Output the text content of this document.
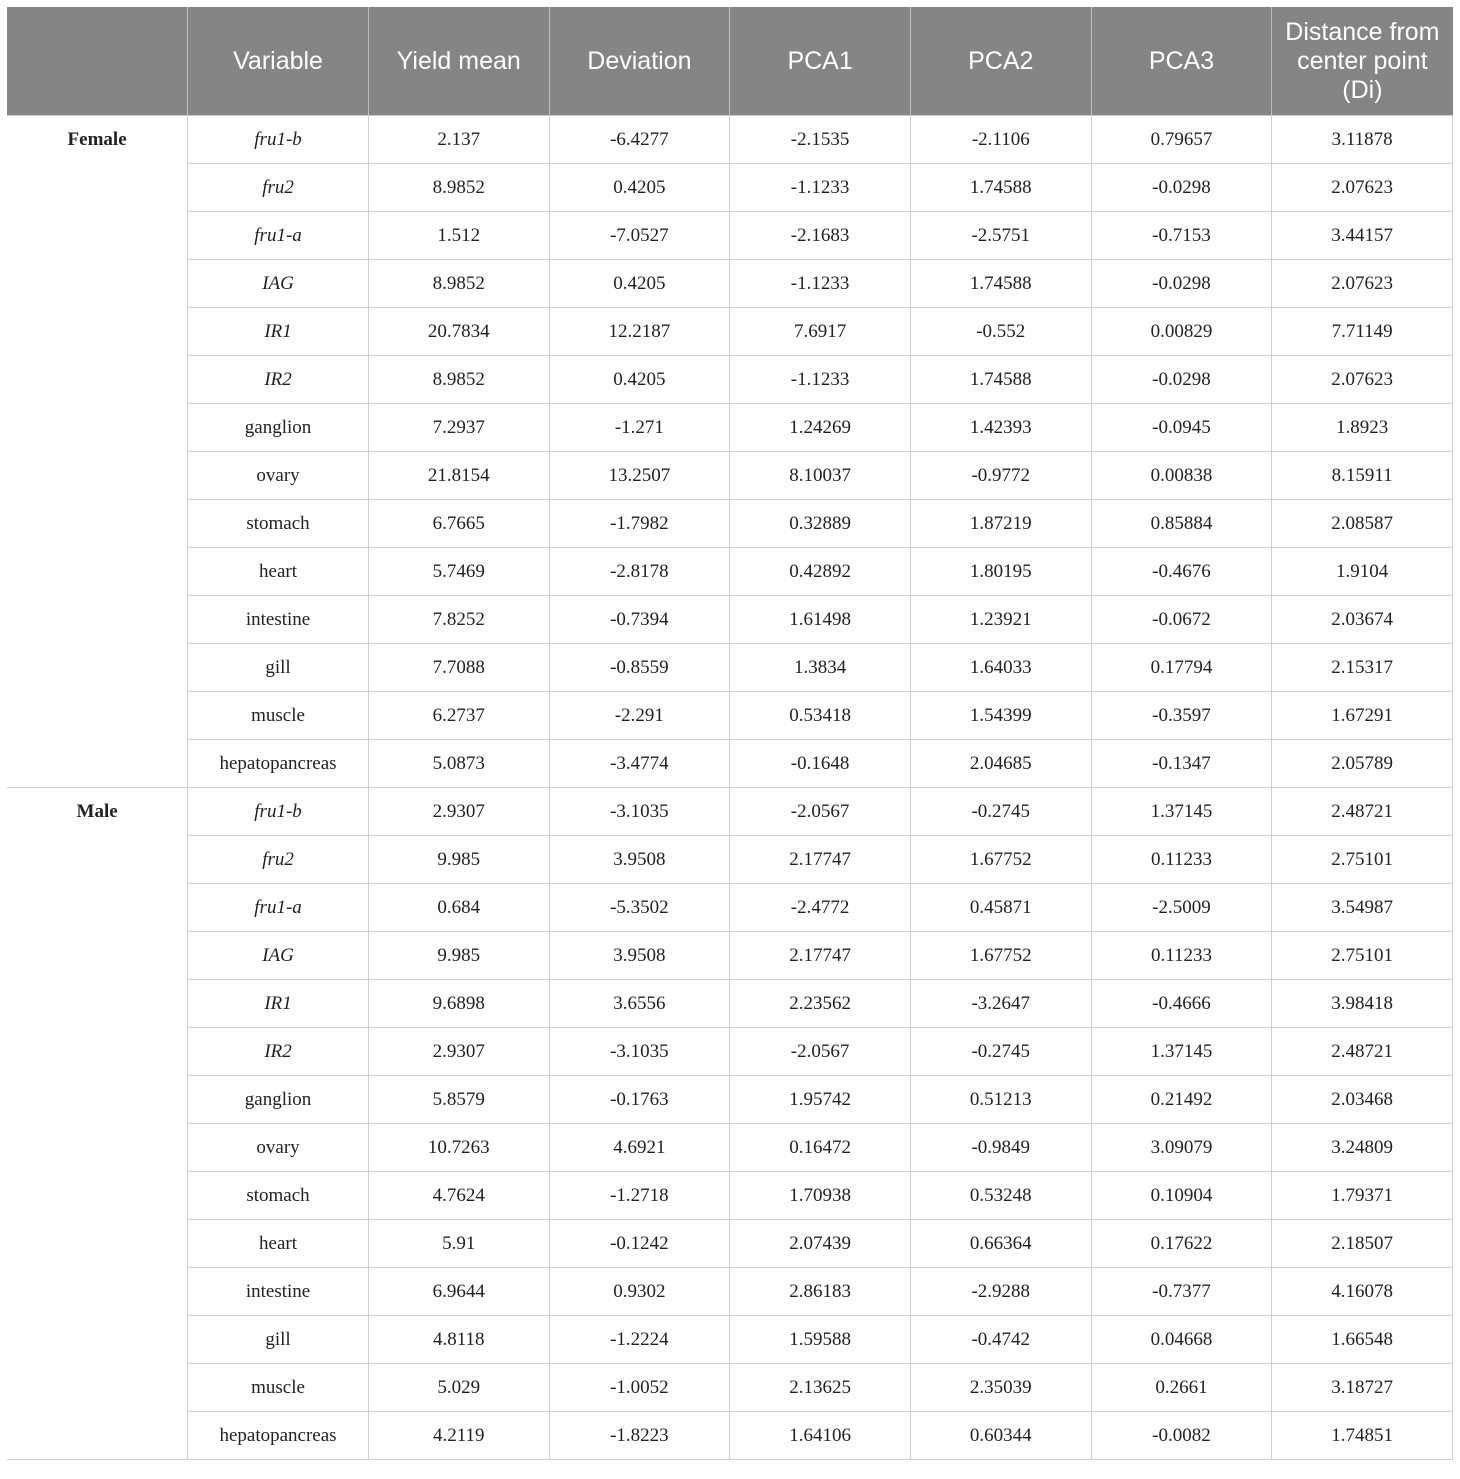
	Variable	Yield mean	Deviation	PCA1	PCA2	PCA3	Distance from center point (Di)
Female	fru1-b	2.137	-6.4277	-2.1535	-2.1106	0.79657	3.11878
	fru2	8.9852	0.4205	-1.1233	1.74588	-0.0298	2.07623
	fru1-a	1.512	-7.0527	-2.1683	-2.5751	-0.7153	3.44157
	IAG	8.9852	0.4205	-1.1233	1.74588	-0.0298	2.07623
	IR1	20.7834	12.2187	7.6917	-0.552	0.00829	7.71149
	IR2	8.9852	0.4205	-1.1233	1.74588	-0.0298	2.07623
	ganglion	7.2937	-1.271	1.24269	1.42393	-0.0945	1.8923
	ovary	21.8154	13.2507	8.10037	-0.9772	0.00838	8.15911
	stomach	6.7665	-1.7982	0.32889	1.87219	0.85884	2.08587
	heart	5.7469	-2.8178	0.42892	1.80195	-0.4676	1.9104
	intestine	7.8252	-0.7394	1.61498	1.23921	-0.0672	2.03674
	gill	7.7088	-0.8559	1.3834	1.64033	0.17794	2.15317
	muscle	6.2737	-2.291	0.53418	1.54399	-0.3597	1.67291
	hepatopancreas	5.0873	-3.4774	-0.1648	2.04685	-0.1347	2.05789
Male	fru1-b	2.9307	-3.1035	-2.0567	-0.2745	1.37145	2.48721
	fru2	9.985	3.9508	2.17747	1.67752	0.11233	2.75101
	fru1-a	0.684	-5.3502	-2.4772	0.45871	-2.5009	3.54987
	IAG	9.985	3.9508	2.17747	1.67752	0.11233	2.75101
	IR1	9.6898	3.6556	2.23562	-3.2647	-0.4666	3.98418
	IR2	2.9307	-3.1035	-2.0567	-0.2745	1.37145	2.48721
	ganglion	5.8579	-0.1763	1.95742	0.51213	0.21492	2.03468
	ovary	10.7263	4.6921	0.16472	-0.9849	3.09079	3.24809
	stomach	4.7624	-1.2718	1.70938	0.53248	0.10904	1.79371
	heart	5.91	-0.1242	2.07439	0.66364	0.17622	2.18507
	intestine	6.9644	0.9302	2.86183	-2.9288	-0.7377	4.16078
	gill	4.8118	-1.2224	1.59588	-0.4742	0.04668	1.66548
	muscle	5.029	-1.0052	2.13625	2.35039	0.2661	3.18727
	hepatopancreas	4.2119	-1.8223	1.64106	0.60344	-0.0082	1.74851
